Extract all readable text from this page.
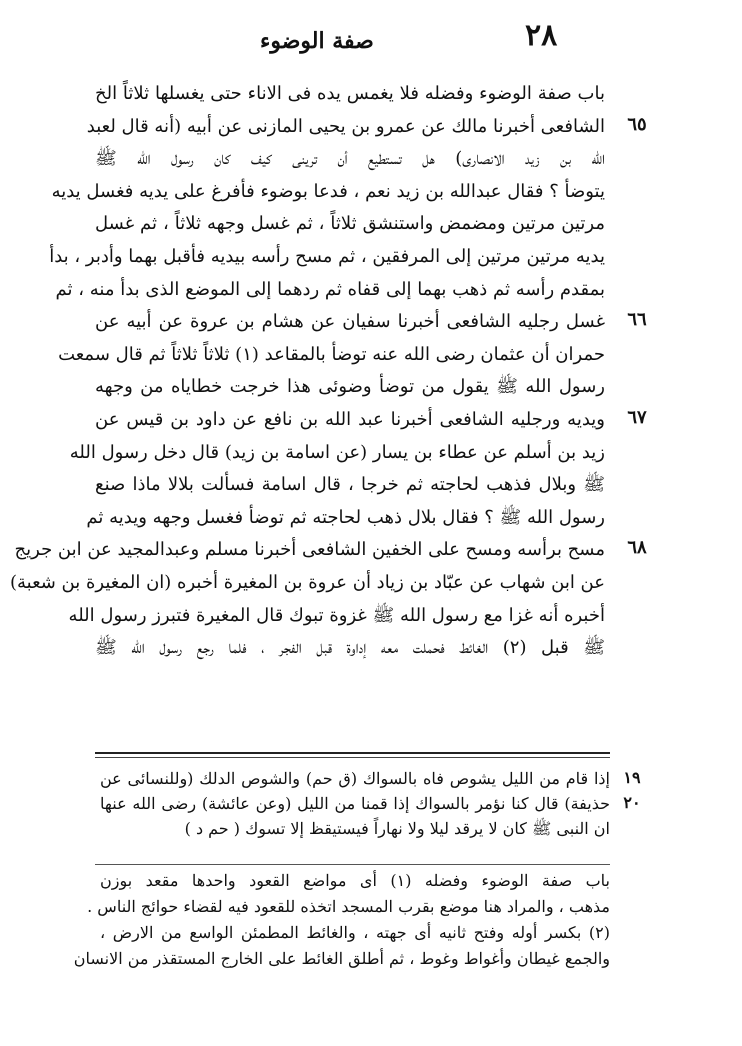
صفة الوضوء	٢٨
٦٥
٦٦
٦٧
٦٨
باب صفة الوضوء وفضله فلا يغمس يده فى الاناء حتى يغسلها ثلاثاً الخ
الشافعى أخبرنا مالك عن عمرو بن يحيى المازنى عن أبيه (أنه قال لعبد
الله بن زيد الانصارى) هل تستطيع أن ترينى كيف كان رسول الله ﷺ
يتوضأ ؟ فقال عبدالله بن زيد نعم ، فدعا بوضوء فأفرغ على يديه فغسل يديه
مرتين مرتين ومضمض واستنشق ثلاثاً ، ثم غسل وجهه ثلاثاً ، ثم غسل
يديه مرتين مرتين إلى المرفقين ، ثم مسح رأسه بيديه فأقبل بهما وأدبر ، بدأ
بمقدم رأسه ثم ذهب بهما إلى قفاه ثم ردهما إلى الموضع الذى بدأ منه ، ثم
غسل رجليه الشافعى أخبرنا سفيان عن هشام بن عروة عن أبيه عن
حمران أن عثمان رضى الله عنه توضأ بالمقاعد (١) ثلاثاً ثلاثاً ثم قال سمعت
رسول الله ﷺ يقول من توضأ وضوئى هذا خرجت خطاياه من وجهه
ويديه ورجليه الشافعى أخبرنا عبد الله بن نافع عن داود بن قيس عن
زيد بن أسلم عن عطاء بن يسار (عن اسامة بن زيد) قال دخل رسول الله
ﷺ وبلال فذهب لحاجته ثم خرجا ، قال اسامة فسألت بلالا ماذا صنع
رسول الله ﷺ ؟ فقال بلال ذهب لحاجته ثم توضأ فغسل وجهه ويديه ثم
مسح برأسه ومسح على الخفين الشافعى أخبرنا مسلم وعبدالمجيد عن ابن جريج
عن ابن شهاب عن عبّاد بن زياد أن عروة بن المغيرة أخبره (ان المغيرة بن شعبة)
أخبره أنه غزا مع رسول الله ﷺ غزوة تبوك قال المغيرة فتبرز رسول الله
ﷺ قبل (٢) الغائط فحملت معه إداوة قبل الفجر ، فلما رجع رسول الله ﷺ
١٩
٢٠
إذا قام من الليل يشوص فاه بالسواك (ق حم) والشوص الدلك (وللنسائى عن
حذيفة) قال كنا نؤمر بالسواك إذا قمنا من الليل (وعن عائشة) رضى الله عنها
ان النبى ﷺ كان لا يرقد ليلا ولا نهاراً فيستيقظ إلا تسوك ( حم د )
باب صفة الوضوء وفضله (١) أى مواضع القعود واحدها مقعد بوزن
مذهب ، والمراد هنا موضع بقرب المسجد اتخذه للقعود فيه لقضاء حوائج الناس .
(٢) بكسر أوله وفتح ثانيه أى جهته ، والغائط المطمئن الواسع من الارض ،
والجمع غيطان وأغواط وغوط ، ثم أطلق الغائط على الخارج المستقذر من الانسان
